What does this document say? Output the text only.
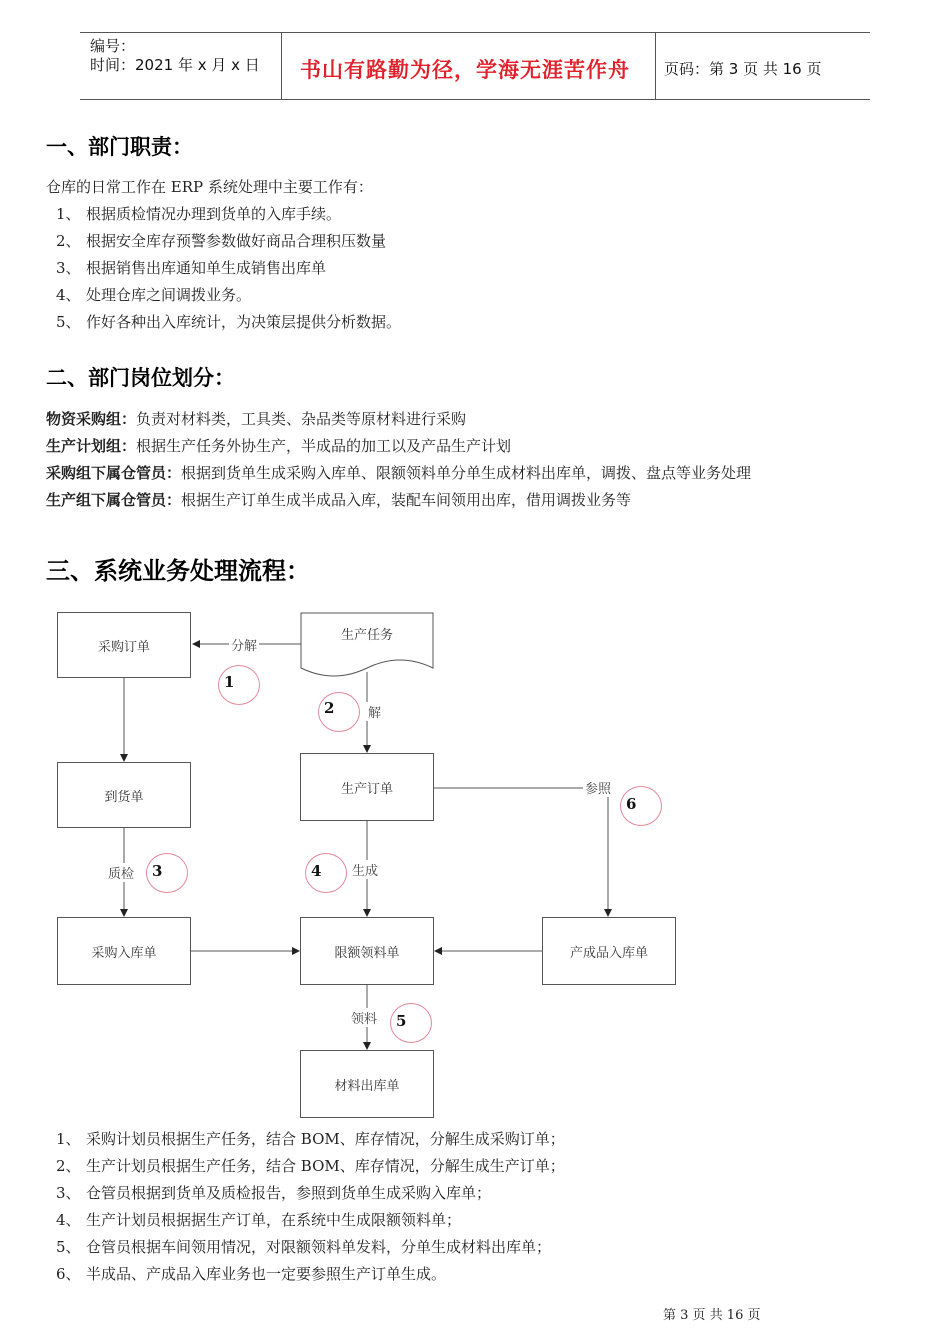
编号：
时间：2021 年 x 月 x 日 书山有路勤为径，学海无涯苦作舟 页码：第 3 页 共 16 页
一、部门职责：
仓库的日常工作在 ERP 系统处理中主要工作有：
1、 根据质检情况办理到货单的入库手续。
2、 根据安全库存预警参数做好商品合理积压数量
3、 根据销售出库通知单生成销售出库单
4、 处理仓库之间调拨业务。
5、 作好各种出入库统计，为决策层提供分析数据。
二、部门岗位划分：
物资采购组：负责对材料类，工具类、杂品类等原材料进行采购
生产计划组：根据生产任务外协生产，半成品的加工以及产品生产计划
采购组下属仓管员：根据到货单生成采购入库单、限额领料单分单生成材料出库单，调拨、盘点等业务处理
生产组下属仓管员：根据生产订单生成半成品入库，装配车间领用出库，借用调拨业务等
三、系统业务处理流程：
采购订单
生产任务
到货单
生产订单
采购入库单	限额领料单	产成品入库单
材料出库单
分解
解
参照
质检	生成
领料
1
2
3	4
5
6
1、 采购计划员根据生产任务，结合 BOM、库存情况，分解生成采购订单；
2、 生产计划员根据生产任务，结合 BOM、库存情况，分解生成生产订单；
3、 仓管员根据到货单及质检报告，参照到货单生成采购入库单；
4、 生产计划员根据据生产订单，在系统中生成限额领料单；
5、 仓管员根据车间领用情况，对限额领料单发料，分单生成材料出库单；
6、 半成品、产成品入库业务也一定要参照生产订单生成。
第 3 页 共 16 页
